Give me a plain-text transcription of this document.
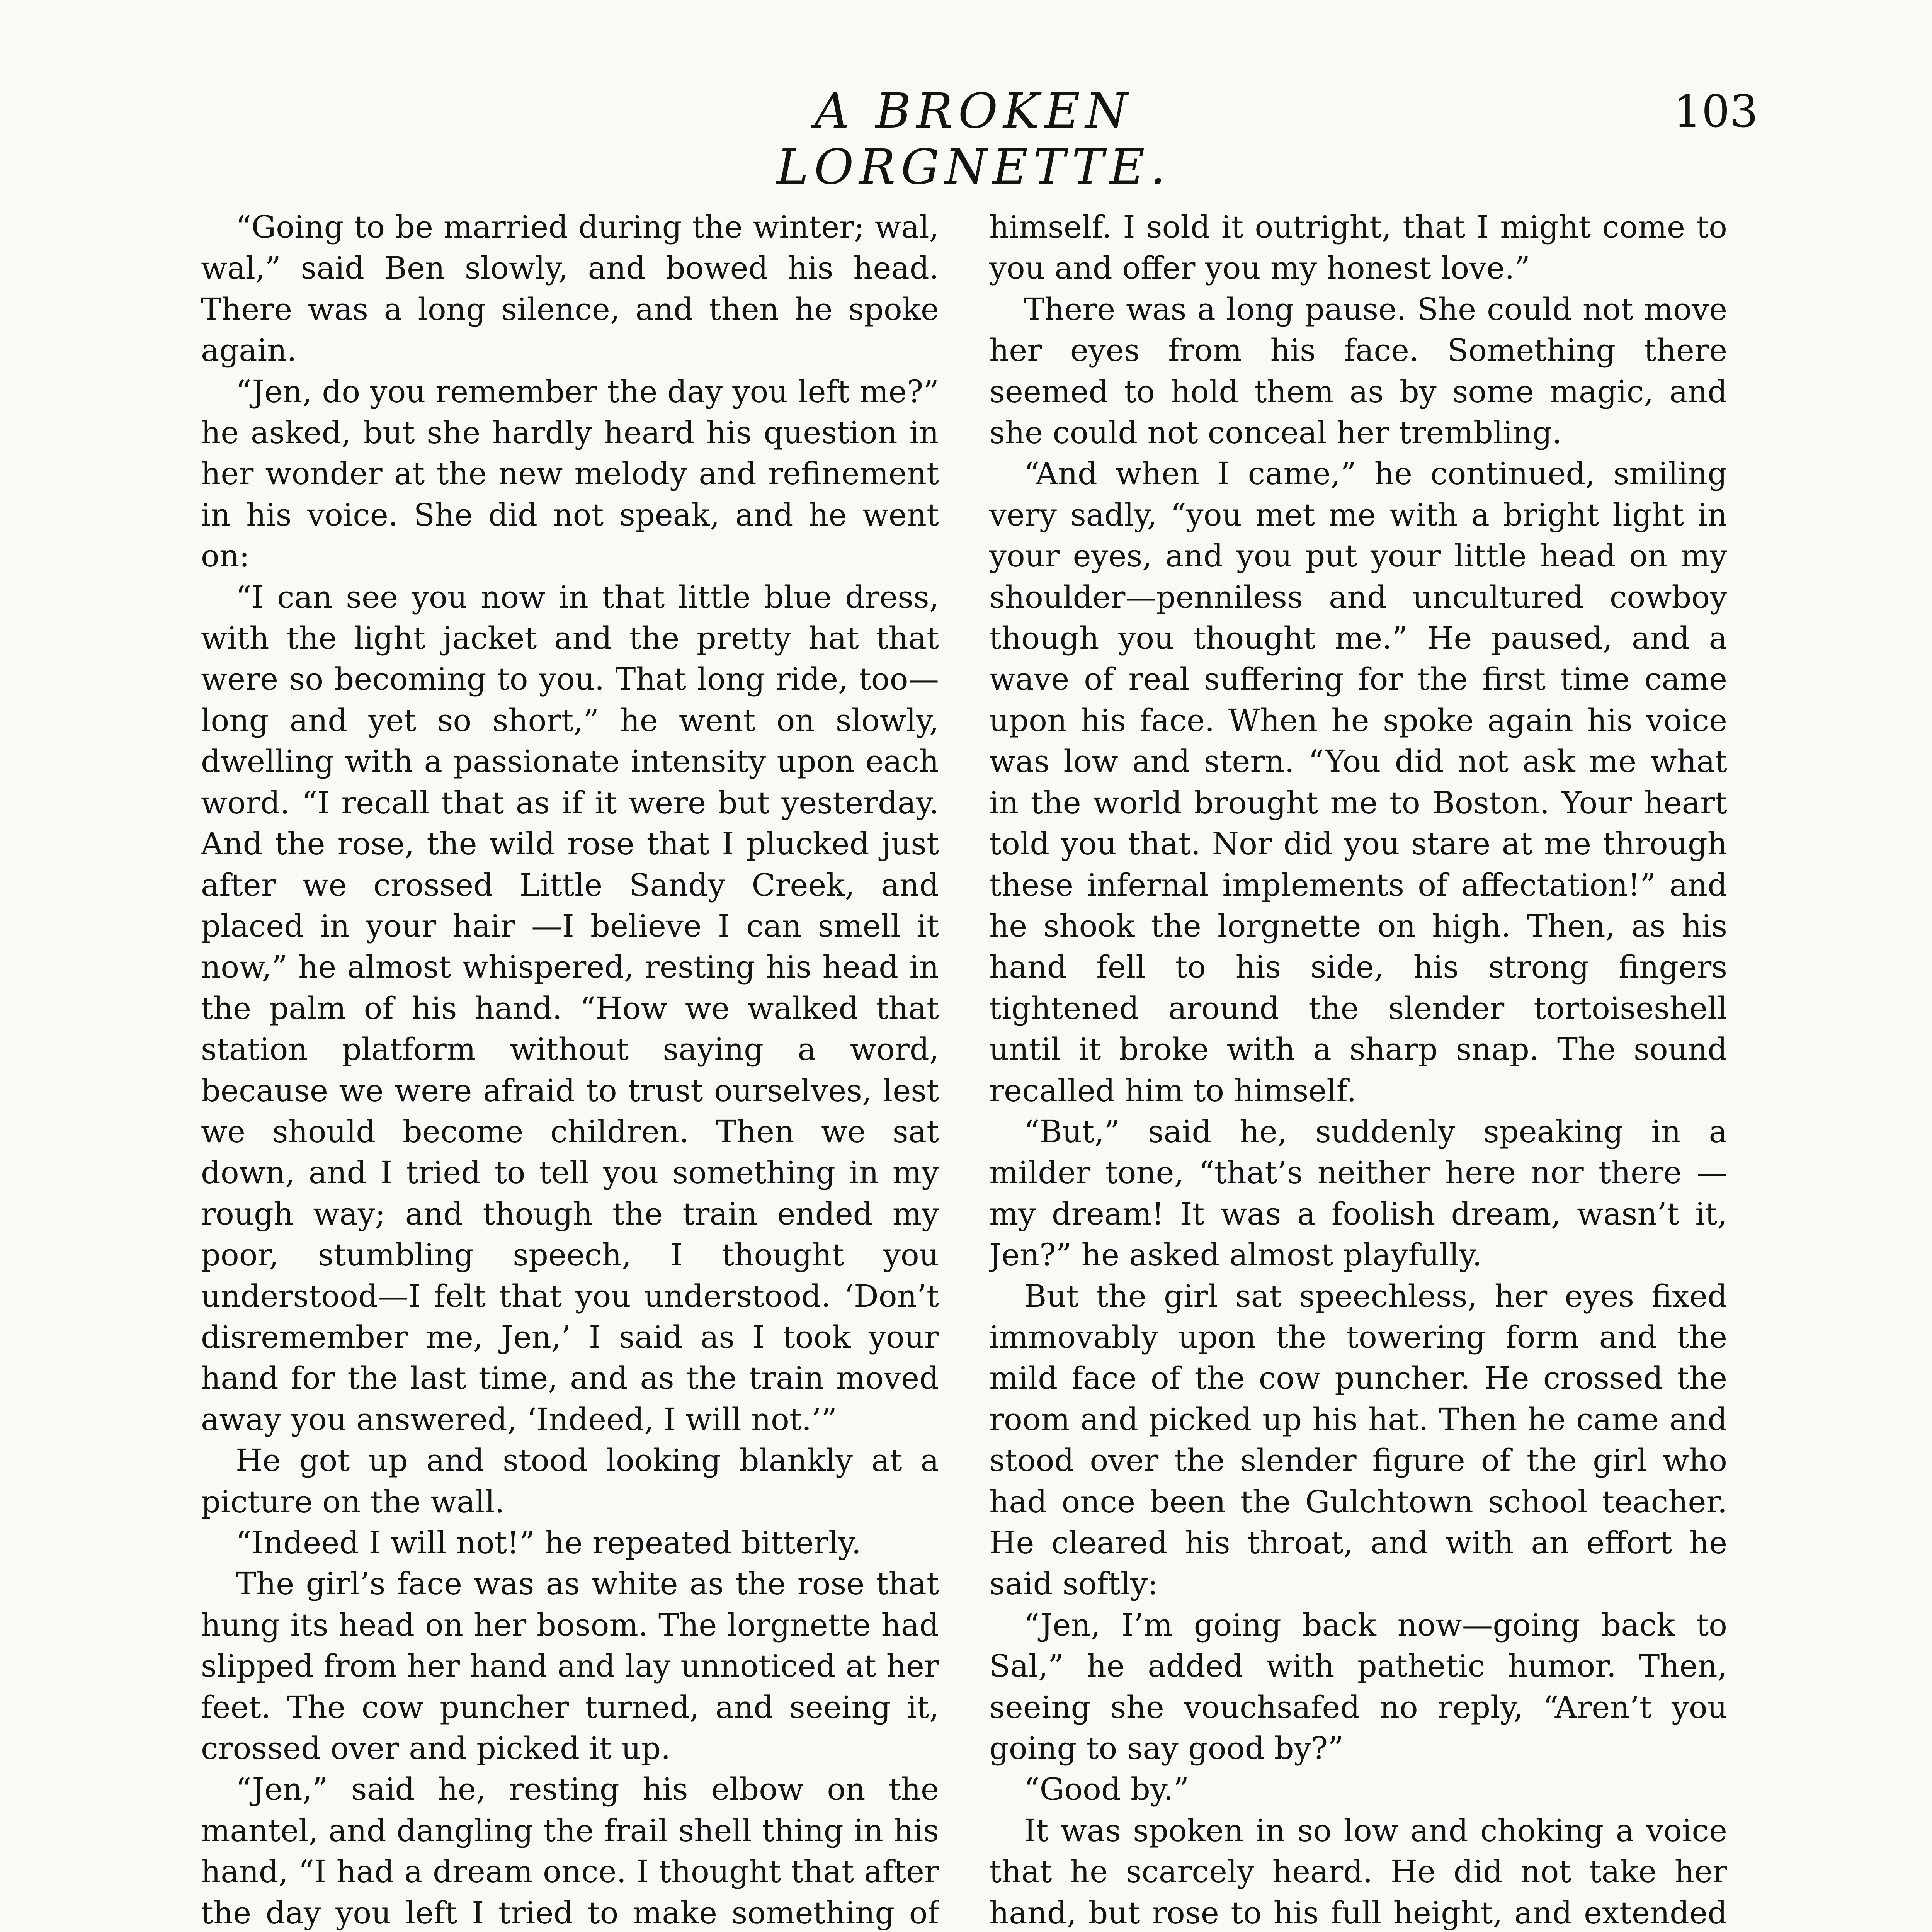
A BROKEN LORGNETTE.
103

“Going to be married during the winter; wal, wal,” said Ben slowly, and bowed his head. There was a long silence, and then he spoke again.

“Jen, do you remember the day you left me?” he asked, but she hardly heard his question in her wonder at the new melody and refinement in his voice. She did not speak, and he went on:

“I can see you now in that little blue dress, with the light jacket and the pretty hat that were so becoming to you. That long ride, too—long and yet so short,” he went on slowly, dwelling with a passionate intensity upon each word. “I recall that as if it were but yesterday. And the rose, the wild rose that I plucked just after we crossed Little Sandy Creek, and placed in your hair —I believe I can smell it now,” he almost whispered, resting his head in the palm of his hand. “How we walked that station platform without saying a word, because we were afraid to trust ourselves, lest we should become children. Then we sat down, and I tried to tell you something in my rough way; and though the train ended my poor, stumbling speech, I thought you understood—I felt that you understood. ‘Don’t disremember me, Jen,’ I said as I took your hand for the last time, and as the train moved away you answered, ‘Indeed, I will not.’”

He got up and stood looking blankly at a picture on the wall.

“Indeed I will not!” he repeated bitterly.

The girl’s face was as white as the rose that hung its head on her bosom. The lorgnette had slipped from her hand and lay unnoticed at her feet. The cow puncher turned, and seeing it, crossed over and picked it up.

“Jen,” said he, resting his elbow on the mantel, and dangling the frail shell thing in his hand, “I had a dream once. I thought that after the day you left I tried to make something of

himself. I sold it outright, that I might come to you and offer you my honest love.”

There was a long pause. She could not move her eyes from his face. Something there seemed to hold them as by some magic, and she could not conceal her trembling.

“And when I came,” he continued, smiling very sadly, “you met me with a bright light in your eyes, and you put your little head on my shoulder—penniless and uncultured cowboy though you thought me.” He paused, and a wave of real suffering for the first time came upon his face. When he spoke again his voice was low and stern. “You did not ask me what in the world brought me to Boston. Your heart told you that. Nor did you stare at me through these infernal implements of affectation!” and he shook the lorgnette on high. Then, as his hand fell to his side, his strong fingers tightened around the slender tortoiseshell until it broke with a sharp snap. The sound recalled him to himself.

“But,” said he, suddenly speaking in a milder tone, “that’s neither here nor there —my dream! It was a foolish dream, wasn’t it, Jen?” he asked almost playfully.

But the girl sat speechless, her eyes fixed immovably upon the towering form and the mild face of the cow puncher. He crossed the room and picked up his hat. Then he came and stood over the slender figure of the girl who had once been the Gulchtown school teacher. He cleared his throat, and with an effort he said softly:

“Jen, I’m going back now—going back to Sal,” he added with pathetic humor. Then, seeing she vouchsafed no reply, “Aren’t you going to say good by?”

“Good by.”

It was spoken in so low and choking a voice that he scarcely heard. He did not take her hand, but rose to his full height, and extended
